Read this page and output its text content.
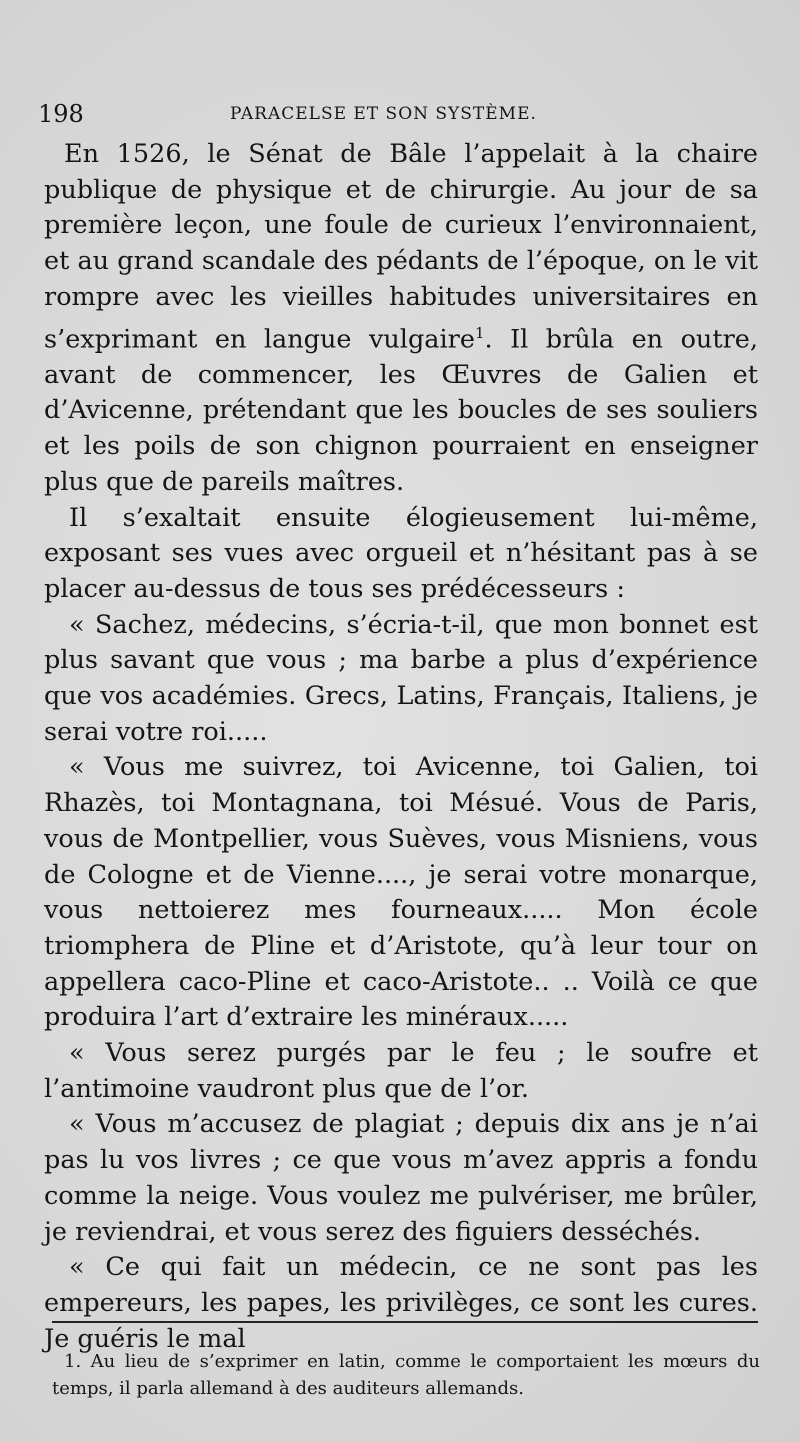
198	PARACELSE ET SON SYSTÈME.

En 1526, le Sénat de Bâle l’appelait à la chaire publique de physique et de chirurgie. Au jour de sa première leçon, une foule de curieux l’environnaient, et au grand scandale des pédants de l’époque, on le vit rompre avec les vieilles habitudes universitaires en s’exprimant en langue vulgaire$^1$. Il brûla en outre, avant de commencer, les Œuvres de Galien et d’Avicenne, prétendant que les boucles de ses souliers et les poils de son chignon pourraient en enseigner plus que de pareils maîtres.

Il s’exaltait ensuite élogieusement lui-même, exposant ses vues avec orgueil et n’hésitant pas à se placer au-dessus de tous ses prédécesseurs :

« Sachez, médecins, s’écria-t-il, que mon bonnet est plus savant que vous ; ma barbe a plus d’expérience que vos académies. Grecs, Latins, Français, Italiens, je serai votre roi.....

« Vous me suivrez, toi Avicenne, toi Galien, toi Rhazès, toi Montagnana, toi Mésué. Vous de Paris, vous de Montpellier, vous Suèves, vous Misniens, vous de Cologne et de Vienne...., je serai votre monarque, vous nettoierez mes fourneaux..... Mon école triomphera de Pline et d’Aristote, qu’à leur tour on appellera caco-Pline et caco-Aristote.. .. Voilà ce que produira l’art d’extraire les minéraux.....

« Vous serez purgés par le feu ; le soufre et l’antimoine vaudront plus que de l’or.

« Vous m’accusez de plagiat ; depuis dix ans je n’ai pas lu vos livres ; ce que vous m’avez appris a fondu comme la neige. Vous voulez me pulvériser, me brûler, je reviendrai, et vous serez des figuiers desséchés.

« Ce qui fait un médecin, ce ne sont pas les empereurs, les papes, les privilèges, ce sont les cures. Je guéris le mal

1. Au lieu de s’exprimer en latin, comme le comportaient les mœurs du temps, il parla allemand à des auditeurs allemands.
